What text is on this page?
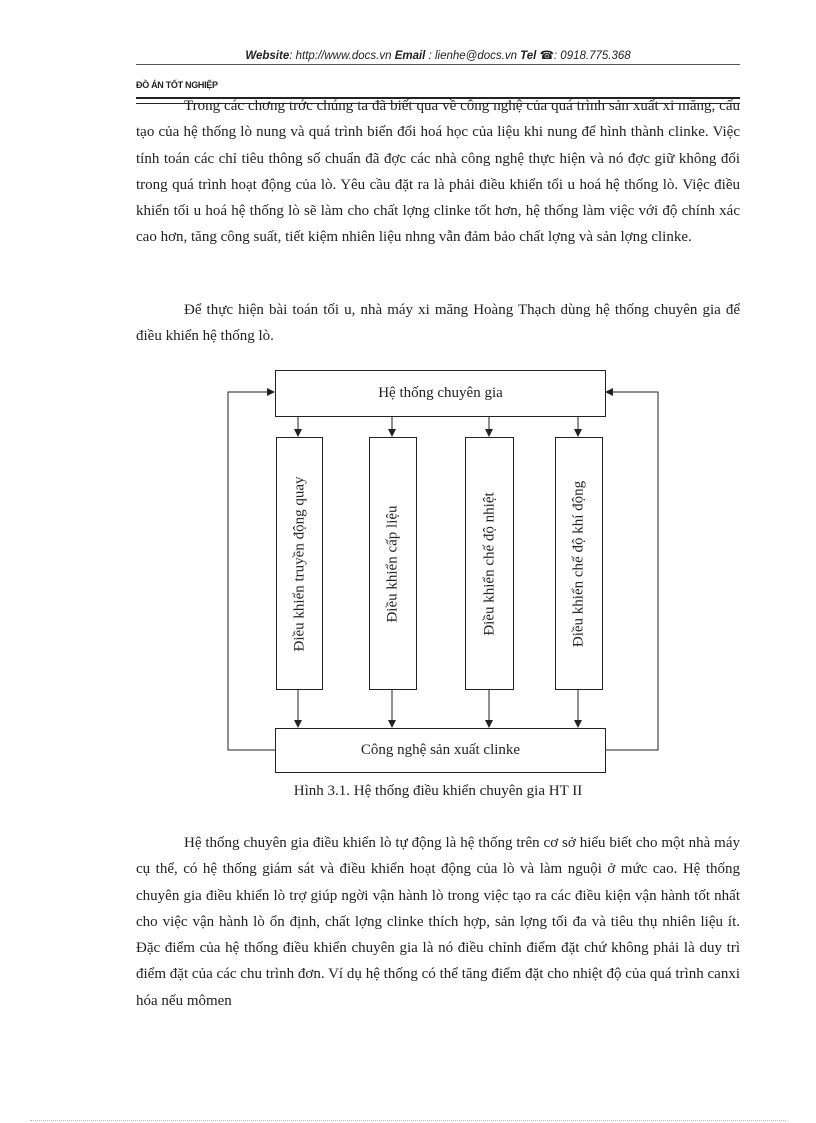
Website: http://www.docs.vn Email : lienhe@docs.vn Tel ☎: 0918.775.368
ĐỒ ÁN TỐT NGHIỆP

Trong các chơng trớc chúng ta đã biết qua về công nghệ của quá trình sản xuất xi măng, cấu tạo của hệ thống lò nung và quá trình biến đổi hoá học của liệu khi nung để hình thành clinke. Việc tính toán các chỉ tiêu thông số chuẩn đã đợc các nhà công nghệ thực hiện và nó đợc giữ không đổi trong quá trình hoạt động của lò. Yêu cầu đặt ra là phải điều khiển tối u hoá hệ thống lò. Việc điều khiển tối u hoá hệ thống lò sẽ làm cho chất lợng clinke tốt hơn, hệ thống làm việc với độ chính xác cao hơn, tăng công suất, tiết kiệm nhiên liệu nhng vẫn đảm bảo chất lợng và sản lợng clinke.

Để thực hiện bài toán tối u, nhà máy xi măng Hoàng Thạch dùng hệ thống chuyên gia để điều khiển hệ thống lò.

Hệ thống chuyên gia
Điều khiển truyền động quay	Điều khiển cấp liệu	Điều khiển chế độ nhiệt	Điều khiển chế độ khí động
Công nghệ sản xuất clinke
Hình 3.1. Hệ thống điều khiển chuyên gia HT II

Hệ thống chuyên gia điều khiển lò tự động là hệ thống trên cơ sở hiểu biết cho một nhà máy cụ thể, có hệ thống giám sát và điều khiển hoạt động của lò và làm nguội ở mức cao. Hệ thống chuyên gia điều khiển lò trợ giúp ngời vận hành lò trong việc tạo ra các điều kiện vận hành tốt nhất cho việc vận hành lò ổn định, chất lợng clinke thích hợp, sản lợng tối đa và tiêu thụ nhiên liệu ít. Đặc điểm của hệ thống điều khiển chuyên gia là nó điều chỉnh điểm đặt chứ không phải là duy trì điểm đặt của các chu trình đơn. Ví dụ hệ thống có thể tăng điểm đặt cho nhiệt độ của quá trình canxi hóa nếu mômen
